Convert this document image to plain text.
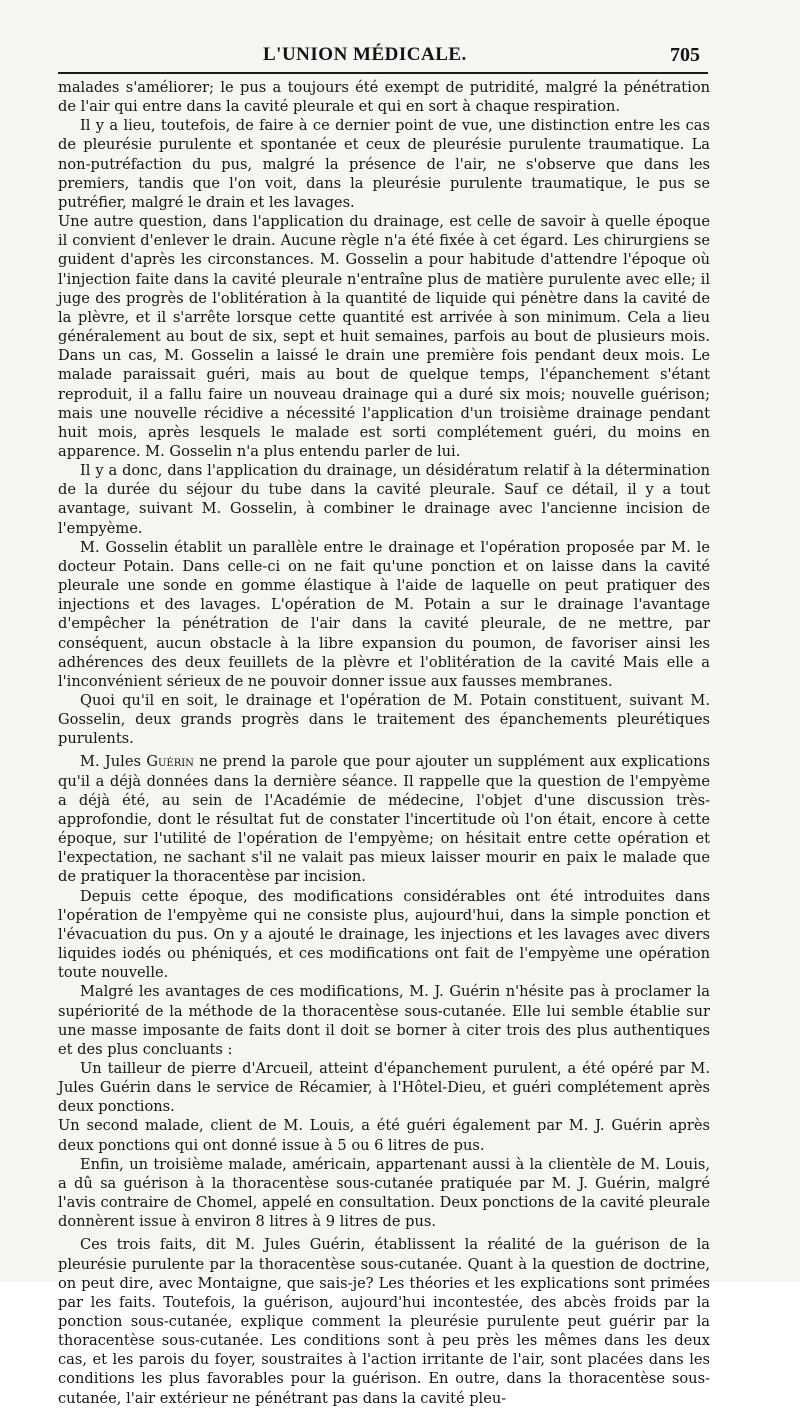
L'UNION MÉDICALE.	705

malades s'améliorer; le pus a toujours été exempt de putridité, malgré la pénétration de l'air qui entre dans la cavité pleurale et qui en sort à chaque respiration.

Il y a lieu, toutefois, de faire à ce dernier point de vue, une distinction entre les cas de pleurésie purulente et spontanée et ceux de pleurésie purulente traumatique. La non-putréfaction du pus, malgré la présence de l'air, ne s'observe que dans les premiers, tandis que l'on voit, dans la pleurésie purulente traumatique, le pus se putréfier, malgré le drain et les lavages.

Une autre question, dans l'application du drainage, est celle de savoir à quelle époque il convient d'enlever le drain. Aucune règle n'a été fixée à cet égard. Les chirurgiens se guident d'après les circonstances. M. Gosselin a pour habitude d'attendre l'époque où l'injection faite dans la cavité pleurale n'entraîne plus de matière purulente avec elle; il juge des progrès de l'oblitération à la quantité de liquide qui pénètre dans la cavité de la plèvre, et il s'arrête lorsque cette quantité est arrivée à son minimum. Cela a lieu généralement au bout de six, sept et huit semaines, parfois au bout de plusieurs mois. Dans un cas, M. Gosselin a laissé le drain une première fois pendant deux mois. Le malade paraissait guéri, mais au bout de quelque temps, l'épanchement s'étant reproduit, il a fallu faire un nouveau drainage qui a duré six mois; nouvelle guérison; mais une nouvelle récidive a nécessité l'application d'un troisième drainage pendant huit mois, après lesquels le malade est sorti complétement guéri, du moins en apparence. M. Gosselin n'a plus entendu parler de lui.

Il y a donc, dans l'application du drainage, un désidératum relatif à la détermination de la durée du séjour du tube dans la cavité pleurale. Sauf ce détail, il y a tout avantage, suivant M. Gosselin, à combiner le drainage avec l'ancienne incision de l'empyème.

M. Gosselin établit un parallèle entre le drainage et l'opération proposée par M. le docteur Potain. Dans celle-ci on ne fait qu'une ponction et on laisse dans la cavité pleurale une sonde en gomme élastique à l'aide de laquelle on peut pratiquer des injections et des lavages. L'opération de M. Potain a sur le drainage l'avantage d'empêcher la pénétration de l'air dans la cavité pleurale, de ne mettre, par conséquent, aucun obstacle à la libre expansion du poumon, de favoriser ainsi les adhérences des deux feuillets de la plèvre et l'oblitération de la cavité Mais elle a l'inconvénient sérieux de ne pouvoir donner issue aux fausses membranes.

Quoi qu'il en soit, le drainage et l'opération de M. Potain constituent, suivant M. Gosselin, deux grands progrès dans le traitement des épanchements pleurétiques purulents.

M. Jules Guérin ne prend la parole que pour ajouter un supplément aux explications qu'il a déjà données dans la dernière séance. Il rappelle que la question de l'empyème a déjà été, au sein de l'Académie de médecine, l'objet d'une discussion très-approfondie, dont le résultat fut de constater l'incertitude où l'on était, encore à cette époque, sur l'utilité de l'opération de l'empyème; on hésitait entre cette opération et l'expectation, ne sachant s'il ne valait pas mieux laisser mourir en paix le malade que de pratiquer la thoracentèse par incision.

Depuis cette époque, des modifications considérables ont été introduites dans l'opération de l'empyème qui ne consiste plus, aujourd'hui, dans la simple ponction et l'évacuation du pus. On y a ajouté le drainage, les injections et les lavages avec divers liquides iodés ou phéniqués, et ces modifications ont fait de l'empyème une opération toute nouvelle.

Malgré les avantages de ces modifications, M. J. Guérin n'hésite pas à proclamer la supériorité de la méthode de la thoracentèse sous-cutanée. Elle lui semble établie sur une masse imposante de faits dont il doit se borner à citer trois des plus authentiques et des plus concluants :

Un tailleur de pierre d'Arcueil, atteint d'épanchement purulent, a été opéré par M. Jules Guérin dans le service de Récamier, à l'Hôtel-Dieu, et guéri complétement après deux ponctions.

Un second malade, client de M. Louis, a été guéri également par M. J. Guérin après deux ponctions qui ont donné issue à 5 ou 6 litres de pus.

Enfin, un troisième malade, américain, appartenant aussi à la clientèle de M. Louis, a dû sa guérison à la thoracentèse sous-cutanée pratiquée par M. J. Guérin, malgré l'avis contraire de Chomel, appelé en consultation. Deux ponctions de la cavité pleurale donnèrent issue à environ 8 litres à 9 litres de pus.

Ces trois faits, dit M. Jules Guérin, établissent la réalité de la guérison de la pleurésie purulente par la thoracentèse sous-cutanée. Quant à la question de doctrine, on peut dire, avec Montaigne, que sais-je? Les théories et les explications sont primées par les faits. Toutefois, la guérison, aujourd'hui incontestée, des abcès froids par la ponction sous-cutanée, explique comment la pleurésie purulente peut guérir par la thoracentèse sous-cutanée. Les conditions sont à peu près les mêmes dans les deux cas, et les parois du foyer, soustraites à l'action irritante de l'air, sont placées dans les conditions les plus favorables pour la guérison. En outre, dans la thoracentèse sous-cutanée, l'air extérieur ne pénétrant pas dans la cavité pleu-
